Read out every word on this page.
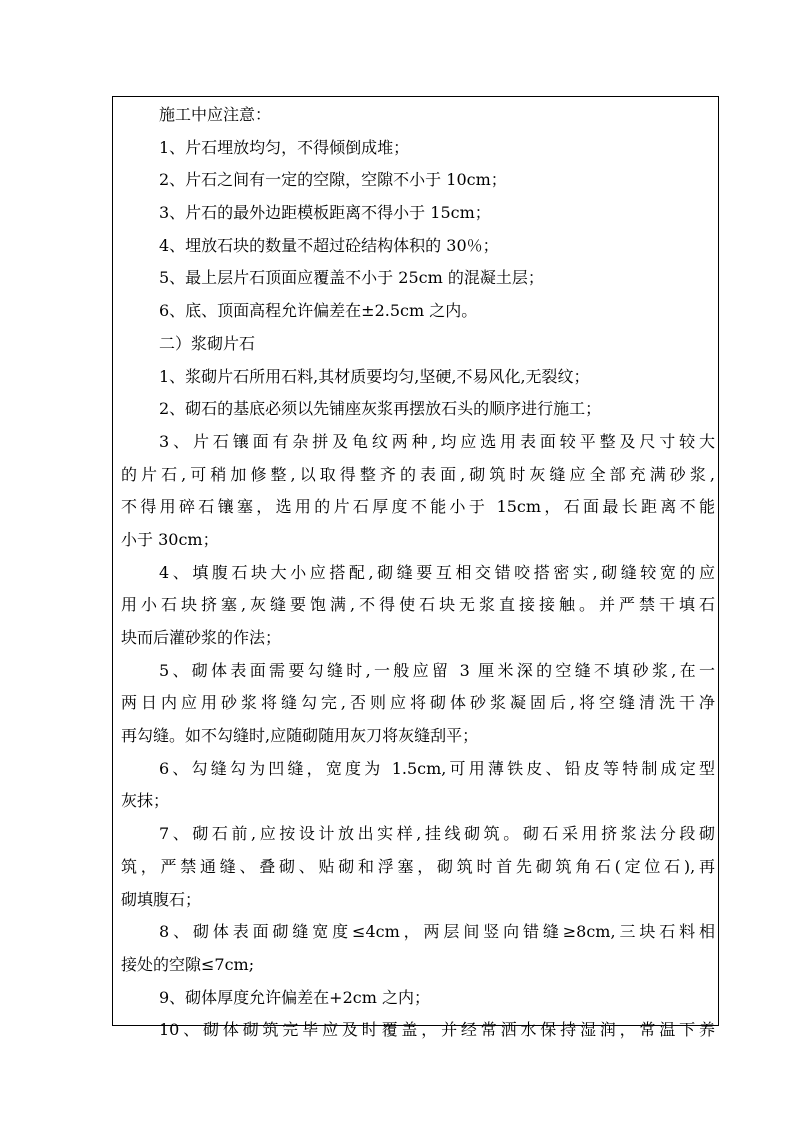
施工中应注意：
1、片石埋放均匀，不得倾倒成堆；
2、片石之间有一定的空隙，空隙不小于 10cm；
3、片石的最外边距模板距离不得小于 15cm；
4、埋放石块的数量不超过砼结构体积的 30％；
5、最上层片石顶面应覆盖不小于 25cm 的混凝土层；
6、底、顶面高程允许偏差在±2.5cm 之内。
二）浆砌片石
1、浆砌片石所用石料,其材质要均匀,坚硬,不易风化,无裂纹；
2、砌石的基底必须以先铺座灰浆再摆放石头的顺序进行施工；
3、片石镶面有杂拼及龟纹两种,均应选用表面较平整及尺寸较大
的片石,可稍加修整,以取得整齐的表面,砌筑时灰缝应全部充满砂浆,
不得用碎石镶塞，选用的片石厚度不能小于 15cm，石面最长距离不能
小于 30cm；
4、填腹石块大小应搭配,砌缝要互相交错咬搭密实,砌缝较宽的应
用小石块挤塞,灰缝要饱满,不得使石块无浆直接接触。并严禁干填石
块而后灌砂浆的作法；
5、砌体表面需要勾缝时,一般应留 3 厘米深的空缝不填砂浆,在一
两日内应用砂浆将缝勾完,否则应将砌体砂浆凝固后,将空缝清洗干净
再勾缝。如不勾缝时,应随砌随用灰刀将灰缝刮平；
6、勾缝勾为凹缝，宽度为 1.5cm,可用薄铁皮、铅皮等特制成定型
灰抹；
7、砌石前,应按设计放出实样,挂线砌筑。砌石采用挤浆法分段砌
筑，严禁通缝、叠砌、贴砌和浮塞，砌筑时首先砌筑角石(定位石),再
砌填腹石；
8、砌体表面砌缝宽度≤4cm，两层间竖向错缝≥8cm,三块石料相
接处的空隙≤7cm;
9、砌体厚度允许偏差在+2cm 之内；
10、砌体砌筑完毕应及时覆盖，并经常洒水保持湿润，常温下养
